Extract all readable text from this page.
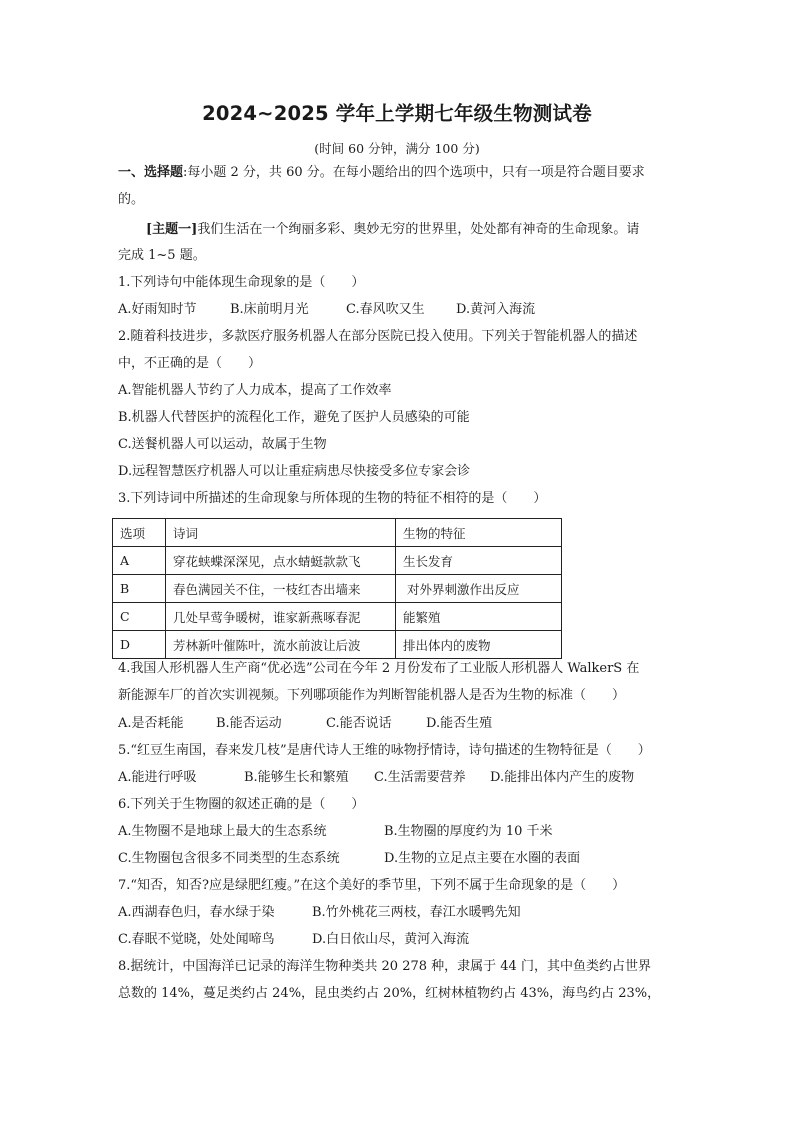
2024~2025 学年上学期七年级生物测试卷
(时间 60 分钟，满分 100 分)
一、选择题:每小题 2 分，共 60 分。在每小题给出的四个选项中，只有一项是符合题目要求
的。
[主题一]我们生活在一个绚丽多彩、奥妙无穷的世界里，处处都有神奇的生命现象。请
完成 1~5 题。
1.下列诗句中能体现生命现象的是（　　）
A.好雨知时节	B.床前明月光	C.春风吹又生 D.黄河入海流
2.随着科技进步，多款医疗服务机器人在部分医院已投入使用。下列关于智能机器人的描述
中，不正确的是（　　）
A.智能机器人节约了人力成本，提高了工作效率
B.机器人代替医护的流程化工作，避免了医护人员感染的可能
C.送餐机器人可以运动，故属于生物
D.远程智慧医疗机器人可以让重症病患尽快接受多位专家会诊
3.下列诗词中所描述的生命现象与所体现的生物的特征不相符的是（　　）
选项	诗词	生物的特征
A	穿花蛱蝶深深见，点水蜻蜓款款飞	生长发育
B	春色满园关不住，一枝红杏出墙来	对外界刺激作出反应
C	几处早莺争暖树，谁家新燕啄春泥	能繁殖
D	芳林新叶催陈叶，流水前波让后波	排出体内的废物
4.我国人形机器人生产商“优必选”公司在今年 2 月份发布了工业版人形机器人 WalkerS 在
新能源车厂的首次实训视频。下列哪项能作为判断智能机器人是否为生物的标准（　　）
A.是否耗能 B.能否运动	C.能否说话	D.能否生殖
5.“红豆生南国，春来发几枝”是唐代诗人王维的咏物抒情诗，诗句描述的生物特征是（　　）
A.能进行呼吸	B.能够生长和繁殖 C.生活需要营养 D.能排出体内产生的废物
6.下列关于生物圈的叙述正确的是（　　）
A.生物圈不是地球上最大的生态系统	B.生物圈的厚度约为 10 千米
C.生物圈包含很多不同类型的生态系统	D.生物的立足点主要在水圈的表面
7.“知否，知否?应是绿肥红瘦。”在这个美好的季节里，下列不属于生命现象的是（　　）
A.西湖春色归，春水绿于染	B.竹外桃花三两枝，春江水暖鸭先知
C.春眠不觉晓，处处闻啼鸟	D.白日依山尽，黄河入海流
8.据统计，中国海洋已记录的海洋生物种类共 20 278 种，隶属于 44 门，其中鱼类约占世界
总数的 14%，蔓足类约占 24%，昆虫类约占 20%，红树林植物约占 43%，海鸟约占 23%，
